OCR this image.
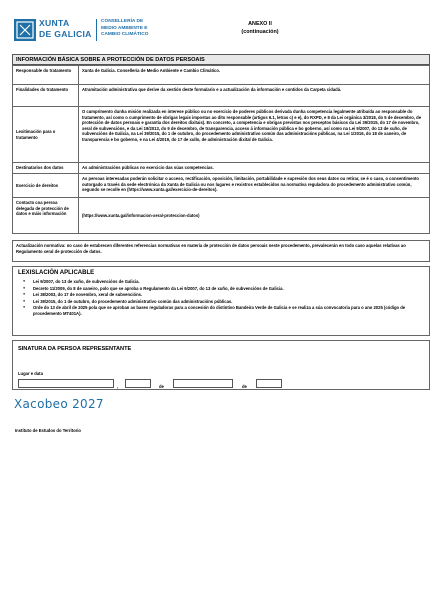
XUNTA
DE GALICIA
CONSELLERÍA DE
MEDIO AMBIENTE E
CAMBIO CLIMÁTICO
ANEXO II
(continuación)
INFORMACIÓN BÁSICA SOBRE A PROTECCIÓN DE DATOS PERSOAIS
Responsable do tratamento	Xunta de Galicia. Consellería de Medio Ambiente e Cambio Climático.
Finalidades do tratamento	Atramitación administrativa que derive da xestión deste formulario e a actualización da información e contidos da Carpeta cidadá.
Lexitimación para o tratamento	O cumprimento dunha misión realizada en interese público ou no exercicio de poderes públicos derivada dunha competencia legalmente atribuída ao responsable do tratamento, así como o cumprimento de obrigas legais impostas ao dito responsable (artigos 6.1, letras c) e e), do RXPD, e 8 da Lei orgánica 3/2018, do 5 de decembro, de protección de datos persoais e garantía dos dereitos dixitais). En concreto, a competencia e obrigas previstas nos preceptos básicos da Lei 39/2015, do 17 de novembro, xeral de subvencións, e da Lei 19/2013, do 9 de decembro, de transparencia, acceso á información pública e bo goberno, así como na Lei 9/2007, do 13 de xuño, de subvencións de Galicia, na Lei 39/2015, do 1 de outubro, do procedemento administrativo común das administracións públicas, na Lei 1/2016, do 18 de xaneiro, de transparencia e bo goberno, e na Lei 4/2019, do 17 de xullo, de administración dixital de Galicia.
Destinatarios dos datos	As administracións públicas no exercicio das súas competencias.
Exercicio de dereitos	As persoas interesadas poderán solicitar o acceso, rectificación, oposición, limitación, portabilidade e supresión dos seus datos ou retirar, se é o caso, o consentimento outorgado a través da sede electrónica da Xunta de Galicia ou nos lugares e rexistros establecidos na normativa reguladora do procedemento administrativo común, segundo se recolle en (https://www.xunta.gal/exercicio-de-dereitos).
Contacto coa persoa delegada de protección de datos e máis información	(https://www.xunta.gal/informacion-xeral-proteccion-datos)
Actualización normativa: no caso de estabrecen diferentes referencias normativas en materia de protección de datos persoais neste procedemento, prevalecerán en todo caso aquelas relativas ao Regulamento xeral de protección de datos.
LEXISLACIÓN APLICABLE
● Lei 9/2007, do 13 de xuño, de subvencións de Galicia.
● Decreto 11/2009, do 8 de xaneiro, polo que se aproba o Regulamento da Lei 9/2007, do 13 de xuño, de subvencións de Galicia.
● Lei 38/2003, do 17 de novembro, xeral de subvencións.
● Lei 39/2015, do 1 de outubro, do procedemento administrativo común das administracións públicas.
● Orde do 13 de abril de 2025 pola que se aproban as bases reguladoras para a concesión do distintivo Bandeira Verde de Galicia e se realiza a súa convocatoria para o ano 2025 (código de procedemento MT401A).
SINATURA DA PERSOA REPRESENTANTE
Lugar e data
,	de	de
Xacobeo 2027
Instituto de Estudos do Territorio
